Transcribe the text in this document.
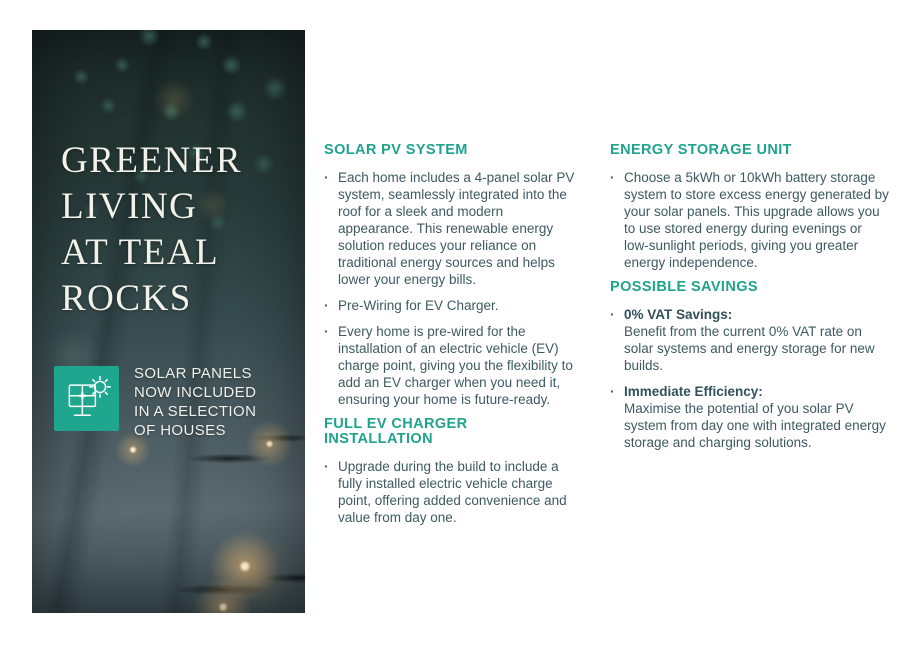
GREENER
LIVING
AT TEAL
ROCKS
SOLAR PANELS
NOW INCLUDED
IN A SELECTION
OF HOUSES
SOLAR PV SYSTEM
· Each home includes a 4-panel solar PV system, seamlessly integrated into the roof for a sleek and modern appearance. This renewable energy solution reduces your reliance on traditional energy sources and helps lower your energy bills.
· Pre-Wiring for EV Charger.
· Every home is pre-wired for the installation of an electric vehicle (EV) charge point, giving you the flexibility to add an EV charger when you need it, ensuring your home is future-ready.
FULL EV CHARGER INSTALLATION
· Upgrade during the build to include a fully installed electric vehicle charge point, offering added convenience and value from day one.
ENERGY STORAGE UNIT
· Choose a 5kWh or 10kWh battery storage system to store excess energy generated by your solar panels. This upgrade allows you to use stored energy during evenings or low-sunlight periods, giving you greater energy independence.
POSSIBLE SAVINGS
· 0% VAT Savings:
Benefit from the current 0% VAT rate on solar systems and energy storage for new builds.
· Immediate Efficiency:
Maximise the potential of you solar PV system from day one with integrated energy storage and charging solutions.
